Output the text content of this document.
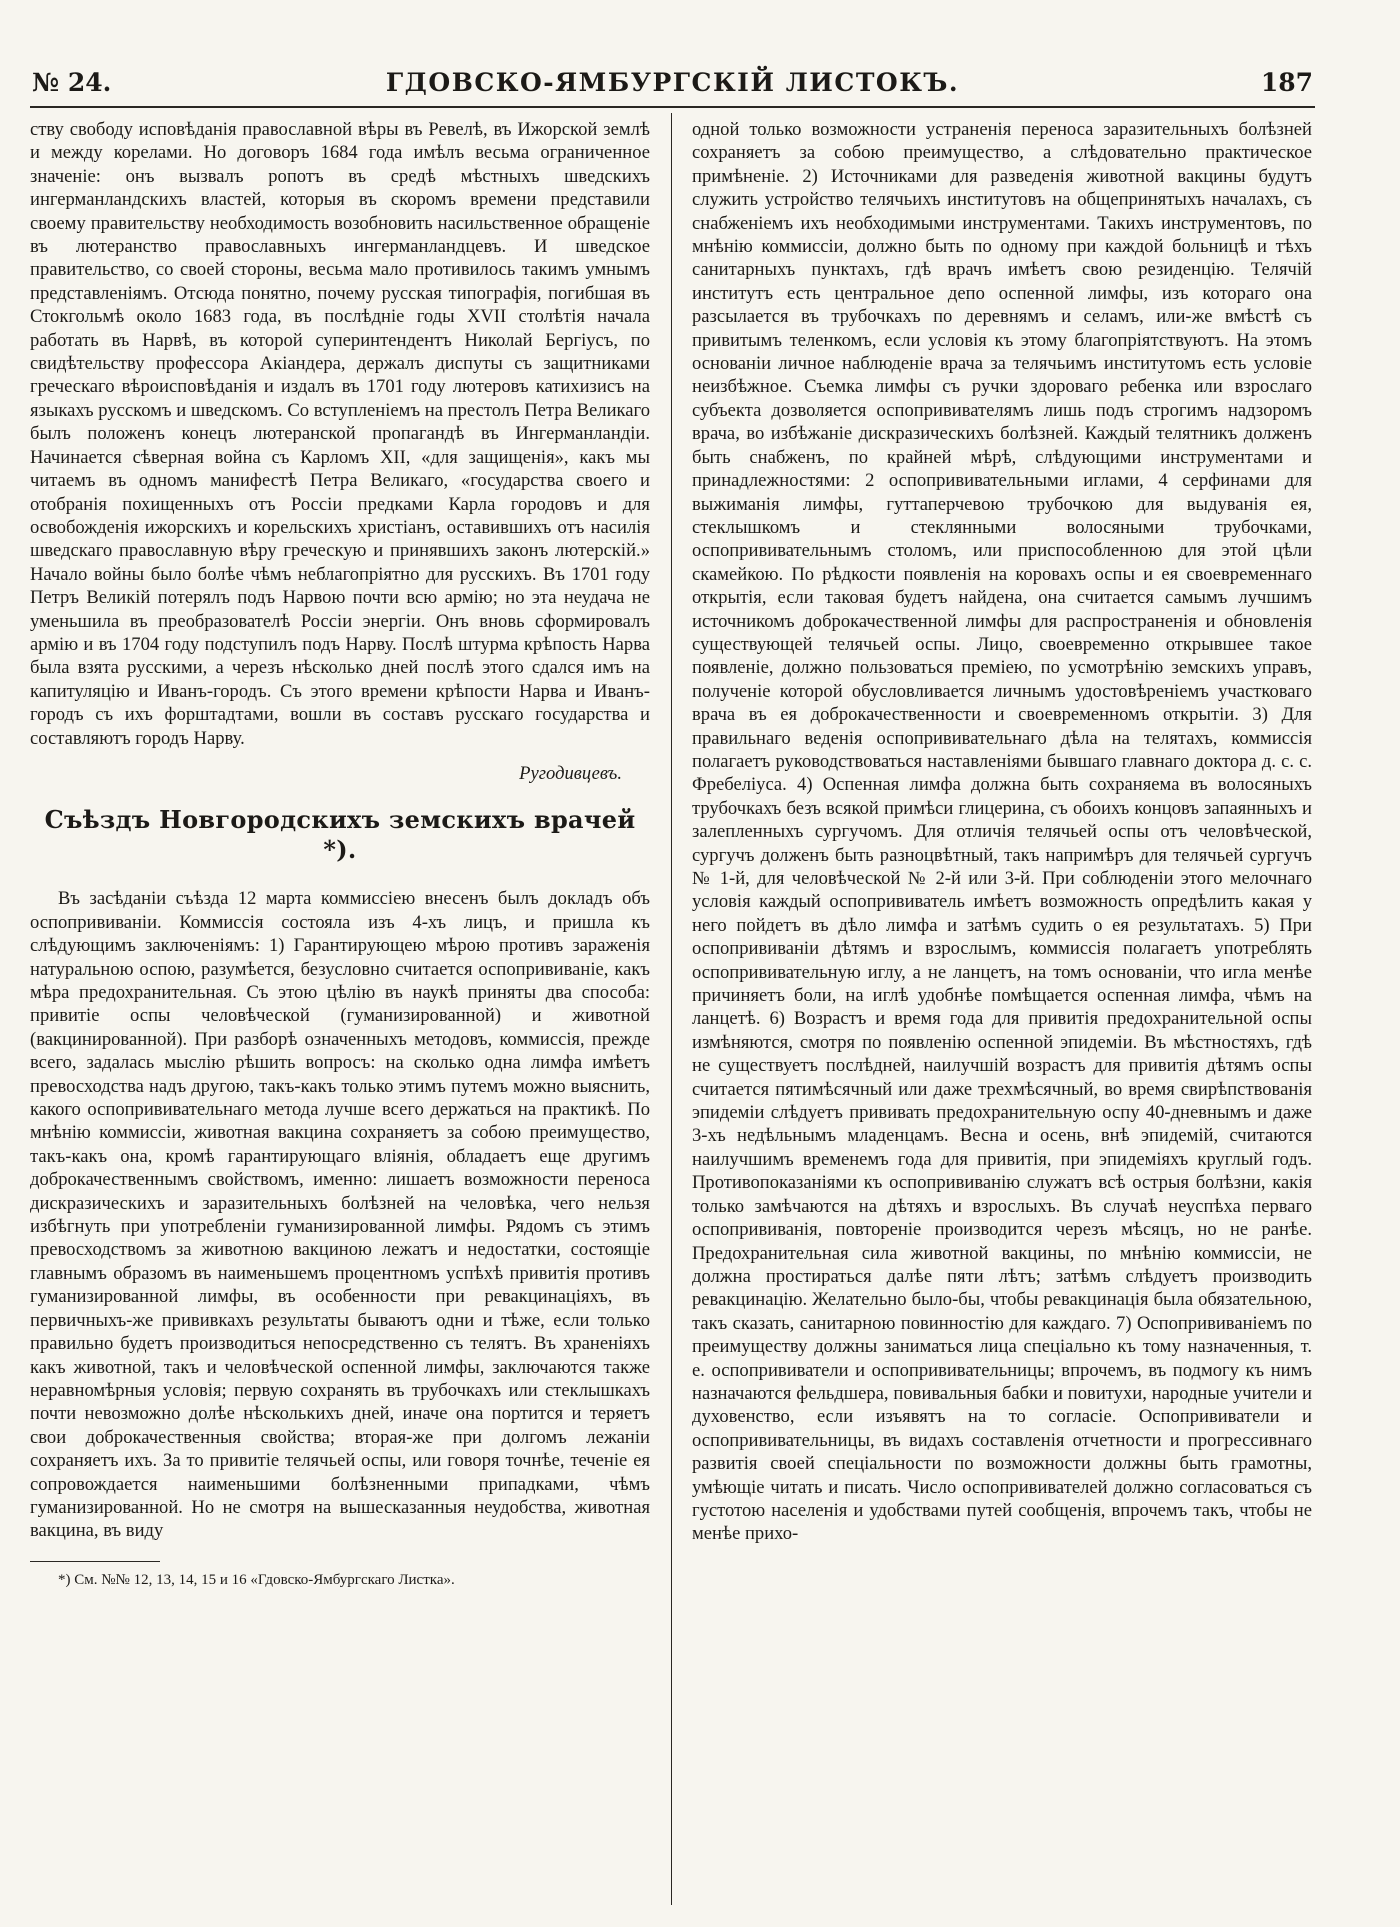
№ 24.	ГДОВСКО-ЯМБУРГСКІЙ ЛИСТОКЪ.	187

ству свободу исповѣданія православной вѣры въ Ревелѣ, въ Ижорской землѣ и между корелами. Но договоръ 1684 года имѣлъ весьма ограниченное значеніе: онъ вызвалъ ропотъ въ средѣ мѣстныхъ шведскихъ ингерманландскихъ властей, которыя въ скоромъ времени представили своему правительству необходимость возобновить насильственное обращеніе въ лютеранство православныхъ ингерманландцевъ. И шведское правительство, со своей стороны, весьма мало противилось такимъ умнымъ представленіямъ. Отсюда понятно, почему русская типографія, погибшая въ Стокгольмѣ около 1683 года, въ послѣдніе годы XVII столѣтія начала работать въ Нарвѣ, въ которой суперинтендентъ Николай Бергіусъ, по свидѣтельству профессора Акіандера, держалъ диспуты съ защитниками греческаго вѣроисповѣданія и издалъ въ 1701 году лютеровъ катихизисъ на языкахъ русскомъ и шведскомъ. Со вступленіемъ на престолъ Петра Великаго былъ положенъ конецъ лютеранской пропагандѣ въ Ингерманландіи. Начинается сѣверная война съ Карломъ XII, «для защищенія», какъ мы читаемъ въ одномъ манифестѣ Петра Великаго, «государства своего и отобранія похищенныхъ отъ Россіи предками Карла городовъ и для освобожденія ижорскихъ и корельскихъ христіанъ, оставившихъ отъ насилія шведскаго православную вѣру греческую и принявшихъ законъ лютерскій.» Начало войны было болѣе чѣмъ неблагопріятно для русскихъ. Въ 1701 году Петръ Великій потерялъ подъ Нарвою почти всю армію; но эта неудача не уменьшила въ преобразователѣ Россіи энергіи. Онъ вновь сформировалъ армію и въ 1704 году подступилъ подъ Нарву. Послѣ штурма крѣпость Нарва была взята русскими, а черезъ нѣсколько дней послѣ этого сдался имъ на капитуляцію и Иванъ-городъ. Съ этого времени крѣпости Нарва и Иванъ-городъ съ ихъ форштадтами, вошли въ составъ русскаго государства и составляютъ городъ Нарву.

Ругодивцевъ.
Съѣздъ Новгородскихъ земскихъ врачей *).

Въ засѣданіи съѣзда 12 марта коммиссіею внесенъ былъ докладъ объ оспопрививаніи. Коммиссія состояла изъ 4-хъ лицъ, и пришла къ слѣдующимъ заключеніямъ: 1) Гарантирующею мѣрою противъ зараженія натуральною оспою, разумѣется, безусловно считается оспопрививаніе, какъ мѣра предохранительная. Съ этою цѣлію въ наукѣ приняты два способа: привитіе оспы человѣческой (гуманизированной) и животной (вакцинированной). При разборѣ означенныхъ методовъ, коммиссія, прежде всего, задалась мыслію рѣшить вопросъ: на сколько одна лимфа имѣетъ превосходства надъ другою, такъ-какъ только этимъ путемъ можно выяснить, какого оспопрививательнаго метода лучше всего держаться на практикѣ. По мнѣнію коммиссіи, животная вакцина сохраняетъ за собою преимущество, такъ-какъ она, кромѣ гарантирующаго вліянія, обладаетъ еще другимъ доброкачественнымъ свойствомъ, именно: лишаетъ возможности переноса дискразическихъ и заразительныхъ болѣзней на человѣка, чего нельзя избѣгнуть при употребленіи гуманизированной лимфы. Рядомъ съ этимъ превосходствомъ за животною вакциною лежатъ и недостатки, состоящіе главнымъ образомъ въ наименьшемъ процентномъ успѣхѣ привитія противъ гуманизированной лимфы, въ особенности при ревакцинаціяхъ, въ первичныхъ-же прививкахъ результаты бываютъ одни и тѣже, если только правильно будетъ производиться непосредственно съ телятъ. Въ храненіяхъ какъ животной, такъ и человѣческой оспенной лимфы, заключаются также неравномѣрныя условія; первую сохранять въ трубочкахъ или стеклышкахъ почти невозможно долѣе нѣсколькихъ дней, иначе она портится и теряетъ свои доброкачественныя свойства; вторая-же при долгомъ лежаніи сохраняетъ ихъ. За то привитіе телячьей оспы, или говоря точнѣе, теченіе ея сопровождается наименьшими болѣзненными припадками, чѣмъ гуманизированной. Но не смотря на вышесказанныя неудобства, животная вакцина, въ виду

*) См. №№ 12, 13, 14, 15 и 16 «Гдовско-Ямбургскаго Листка».

одной только возможности устраненія переноса заразительныхъ болѣзней сохраняетъ за собою преимущество, а слѣдовательно практическое примѣненіе. 2) Источниками для разведенія животной вакцины будутъ служить устройство телячьихъ институтовъ на общепринятыхъ началахъ, съ снабженіемъ ихъ необходимыми инструментами. Такихъ инструментовъ, по мнѣнію коммиссіи, должно быть по одному при каждой больницѣ и тѣхъ санитарныхъ пунктахъ, гдѣ врачъ имѣетъ свою резиденцію. Телячій институтъ есть центральное депо оспенной лимфы, изъ котораго она разсылается въ трубочкахъ по деревнямъ и селамъ, или-же вмѣстѣ съ привитымъ теленкомъ, если условія къ этому благопріятствуютъ. На этомъ основаніи личное наблюденіе врача за телячьимъ институтомъ есть условіе неизбѣжное. Съемка лимфы съ ручки здороваго ребенка или взрослаго субъекта дозволяется оспопрививателямъ лишь подъ строгимъ надзоромъ врача, во избѣжаніе дискразическихъ болѣзней. Каждый телятникъ долженъ быть снабженъ, по крайней мѣрѣ, слѣдующими инструментами и принадлежностями: 2 оспопрививательными иглами, 4 серфинами для выжиманія лимфы, гуттаперчевою трубочкою для выдуванія ея, стеклышкомъ и стеклянными волосяными трубочками, оспопрививательнымъ столомъ, или приспособленною для этой цѣли скамейкою. По рѣдкости появленія на коровахъ оспы и ея своевременнаго открытія, если таковая будетъ найдена, она считается самымъ лучшимъ источникомъ доброкачественной лимфы для распространенія и обновленія существующей телячьей оспы. Лицо, своевременно открывшее такое появленіе, должно пользоваться преміею, по усмотрѣнію земскихъ управъ, полученіе которой обусловливается личнымъ удостовѣреніемъ участковаго врача въ ея доброкачественности и своевременномъ открытіи. 3) Для правильнаго веденія оспопрививательнаго дѣла на телятахъ, коммиссія полагаетъ руководствоваться наставленіями бывшаго главнаго доктора д. с. с. Фребеліуса. 4) Оспенная лимфа должна быть сохраняема въ волосяныхъ трубочкахъ безъ всякой примѣси глицерина, съ обоихъ концовъ запаянныхъ и залепленныхъ сургучомъ. Для отличія телячьей оспы отъ человѣческой, сургучъ долженъ быть разноцвѣтный, такъ напримѣръ для телячьей сургучъ № 1-й, для человѣческой № 2-й или 3-й. При соблюденіи этого мелочнаго условія каждый оспопрививатель имѣетъ возможность опредѣлить какая у него пойдетъ въ дѣло лимфа и затѣмъ судить о ея результатахъ. 5) При оспопрививаніи дѣтямъ и взрослымъ, коммиссія полагаетъ употреблять оспопрививательную иглу, а не ланцетъ, на томъ основаніи, что игла менѣе причиняетъ боли, на иглѣ удобнѣе помѣщается оспенная лимфа, чѣмъ на ланцетѣ. 6) Возрастъ и время года для привитія предохранительной оспы измѣняются, смотря по появленію оспенной эпидеміи. Въ мѣстностяхъ, гдѣ не существуетъ послѣдней, наилучшій возрастъ для привитія дѣтямъ оспы считается пятимѣсячный или даже трехмѣсячный, во время свирѣпствованія эпидеміи слѣдуетъ прививать предохранительную оспу 40-дневнымъ и даже 3-хъ недѣльнымъ младенцамъ. Весна и осень, внѣ эпидемій, считаются наилучшимъ временемъ года для привитія, при эпидеміяхъ круглый годъ. Противопоказаніями къ оспопрививанію служатъ всѣ острыя болѣзни, какія только замѣчаются на дѣтяхъ и взрослыхъ. Въ случаѣ неуспѣха перваго оспопрививанія, повтореніе производится черезъ мѣсяцъ, но не ранѣе. Предохранительная сила животной вакцины, по мнѣнію коммиссіи, не должна простираться далѣе пяти лѣтъ; затѣмъ слѣдуетъ производить ревакцинацію. Желательно было-бы, чтобы ревакцинація была обязательною, такъ сказать, санитарною повинностію для каждаго. 7) Оспопрививаніемъ по преимуществу должны заниматься лица спеціально къ тому назначенныя, т. е. оспопрививатели и оспопрививательницы; впрочемъ, въ подмогу къ нимъ назначаются фельдшера, повивальныя бабки и повитухи, народные учители и духовенство, если изъявятъ на то согласіе. Оспопрививатели и оспопрививательницы, въ видахъ составленія отчетности и прогрессивнаго развитія своей спеціальности по возможности должны быть грамотны, умѣющіе читать и писать. Число оспопрививателей должно согласоваться съ густотою населенія и удобствами путей сообщенія, впрочемъ такъ, чтобы не менѣе прихо-
